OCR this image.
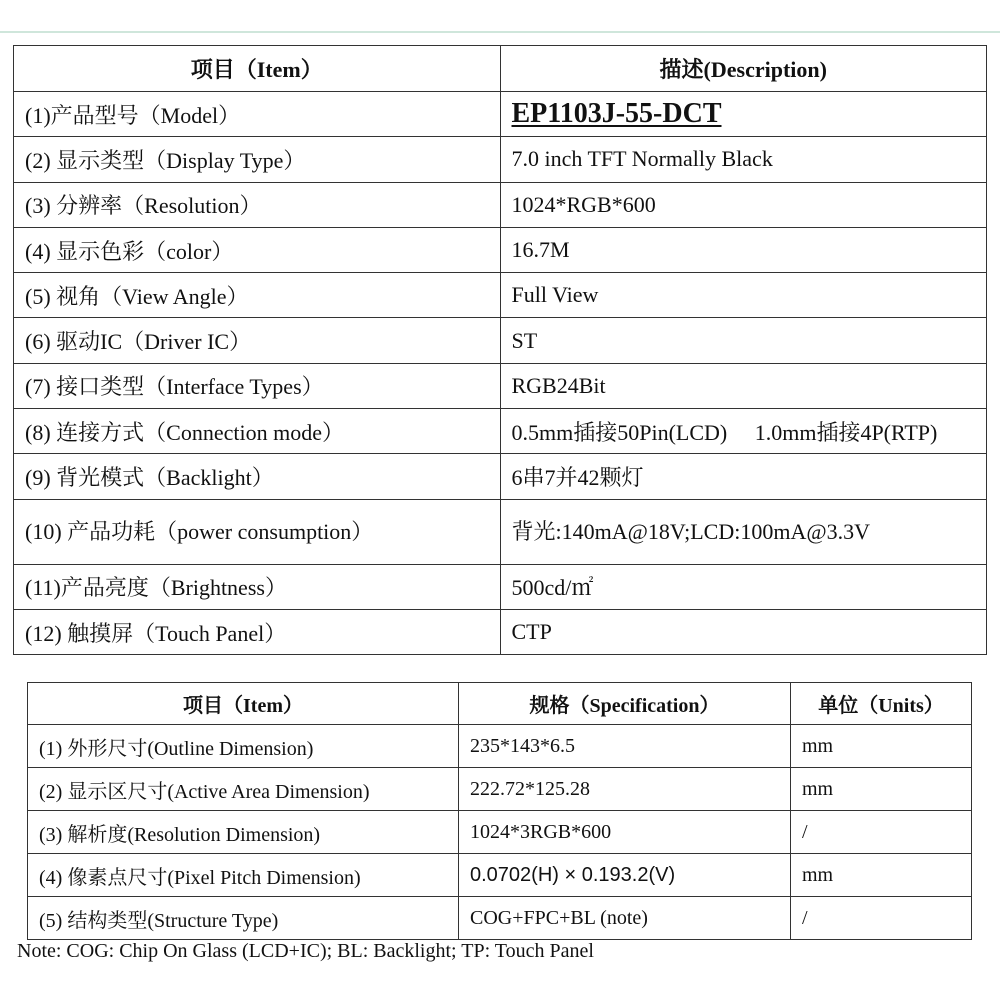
项目（Item）	描述(Description)
(1)产品型号（Model）	EP1103J-55-DCT
(2) 显示类型（Display Type）	7.0 inch TFT Normally Black
(3) 分辨率（Resolution）	1024*RGB*600
(4) 显示色彩（color）	16.7M
(5) 视角（View Angle）	Full View
(6) 驱动IC（Driver IC）	ST
(7) 接口类型（Interface Types）	RGB24Bit
(8) 连接方式（Connection mode）	0.5mm插接50Pin(LCD)     1.0mm插接4P(RTP)
(9) 背光模式（Backlight）	6串7并42颗灯
(10) 产品功耗（power consumption）	背光:140mA@18V;LCD:100mA@3.3V
(11)产品亮度（Brightness）	500cd/㎡
(12) 触摸屏（Touch Panel）	CTP
项目（Item）	规格（Specification）	单位（Units）
(1) 外形尺寸(Outline Dimension)	235*143*6.5	mm
(2) 显示区尺寸(Active Area Dimension)	222.72*125.28	mm
(3) 解析度(Resolution Dimension)	1024*3RGB*600	/
(4) 像素点尺寸(Pixel Pitch Dimension)	0.0702(H) × 0.193.2(V)	mm
(5) 结构类型(Structure Type)	COG+FPC+BL (note)	/
Note: COG: Chip On Glass (LCD+IC); BL: Backlight; TP: Touch Panel
